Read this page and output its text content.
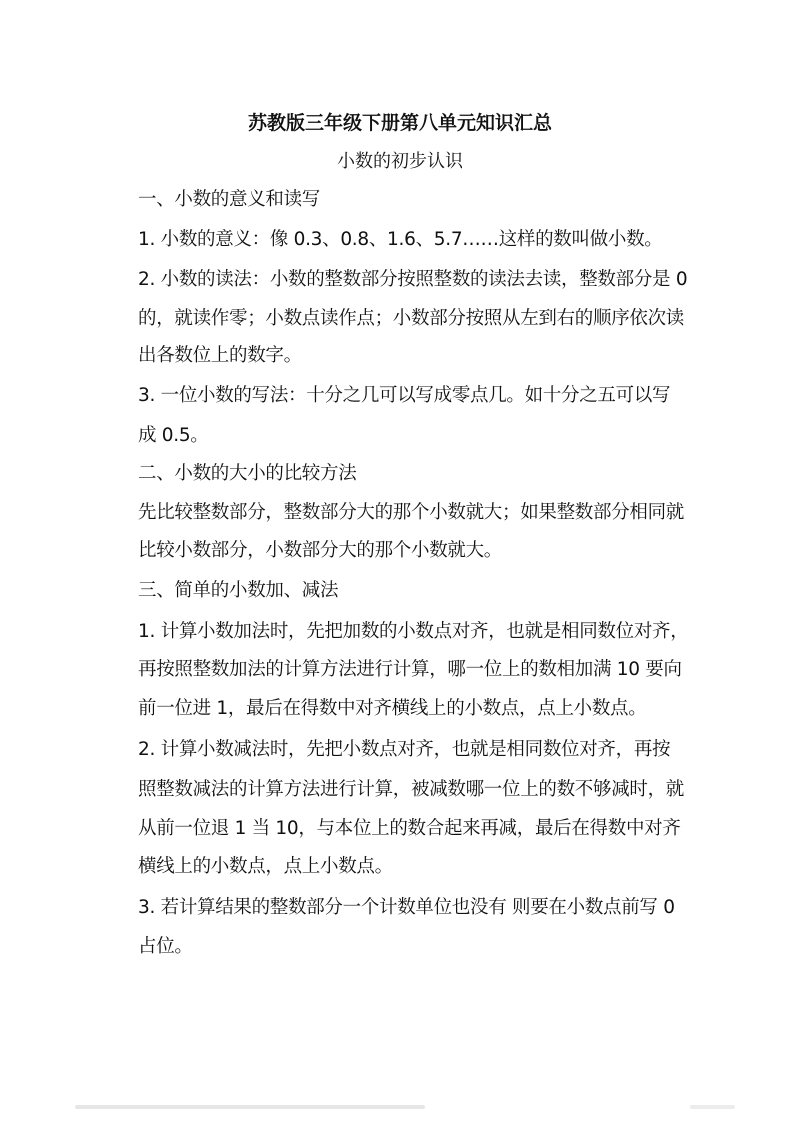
苏教版三年级下册第八单元知识汇总
小数的初步认识
一、小数的意义和读写
1. 小数的意义：像 0.3、0.8、1.6、5.7……这样的数叫做小数。
2. 小数的读法：小数的整数部分按照整数的读法去读，整数部分是 0
的，就读作零；小数点读作点；小数部分按照从左到右的顺序依次读
出各数位上的数字。
3. 一位小数的写法：十分之几可以写成零点几。如十分之五可以写
成 0.5。
二、小数的大小的比较方法
先比较整数部分，整数部分大的那个小数就大；如果整数部分相同就
比较小数部分，小数部分大的那个小数就大。
三、简单的小数加、减法
1. 计算小数加法时，先把加数的小数点对齐，也就是相同数位对齐，
再按照整数加法的计算方法进行计算，哪一位上的数相加满 10 要向
前一位进 1，最后在得数中对齐横线上的小数点，点上小数点。
2. 计算小数减法时，先把小数点对齐，也就是相同数位对齐，再按
照整数减法的计算方法进行计算，被减数哪一位上的数不够减时，就
从前一位退 1 当 10，与本位上的数合起来再减，最后在得数中对齐
横线上的小数点，点上小数点。
3. 若计算结果的整数部分一个计数单位也没有 则要在小数点前写 0
占位。
